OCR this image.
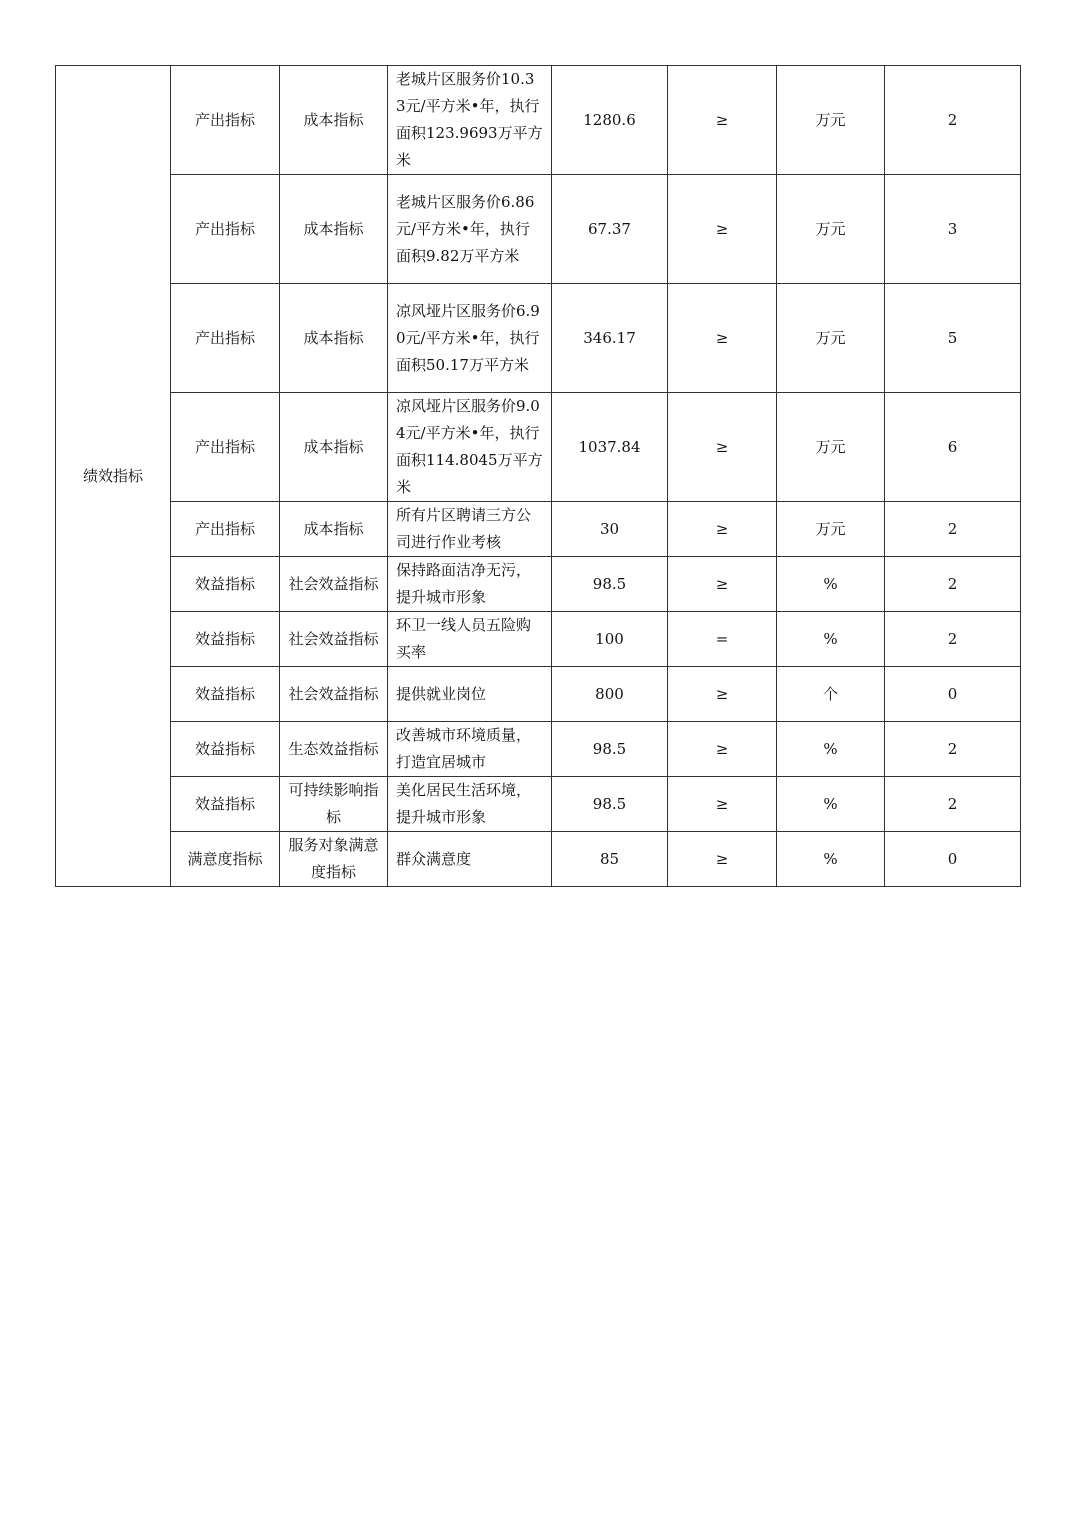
绩效指标	产出指标	成本指标	老城片区服务价10.33元/平方米•年，执行面积123.9693万平方米	1280.6	≥	万元	2
	产出指标	成本指标	老城片区服务价6.86元/平方米•年，执行面积9.82万平方米	67.37	≥	万元	3
	产出指标	成本指标	凉风垭片区服务价6.90元/平方米•年，执行面积50.17万平方米	346.17	≥	万元	5
	产出指标	成本指标	凉风垭片区服务价9.04元/平方米•年，执行面积114.8045万平方米	1037.84	≥	万元	6
	产出指标	成本指标	所有片区聘请三方公司进行作业考核	30	≥	万元	2
	效益指标	社会效益指标	保持路面洁净无污，提升城市形象	98.5	≥	%	2
	效益指标	社会效益指标	环卫一线人员五险购买率	100	=	%	2
	效益指标	社会效益指标	提供就业岗位	800	≥	个	0
	效益指标	生态效益指标	改善城市环境质量，打造宜居城市	98.5	≥	%	2
	效益指标	可持续影响指标	美化居民生活环境，提升城市形象	98.5	≥	%	2
	满意度指标	服务对象满意度指标	群众满意度	85	≥	%	0
